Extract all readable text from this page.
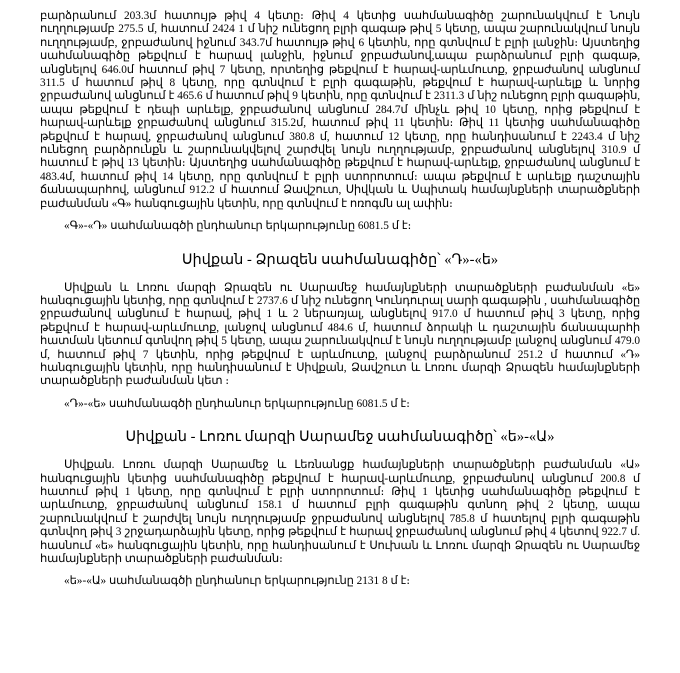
բարձրանում 203.3մ հատույթ թիվ 4 կետը։ Թիվ 4 կետից սահմանագիծը շարունակվում է Նույն ուղղությամբ 275.5 մ, հատում 2424 1 մ նիշ ունեցող բլրի գագաթ թիվ 5 կետը, ապա շարունակվում նույն ուղղությամբ, ջրբաժանով իջնում 343.7մ հատույթ թիվ 6 կետին, որը գտնվում է բլրի լանջին։ Այստեղից սահմանագիծը թեքվում է հարավ լանջին, իջնում ջրբաժանով,ապա բարձրանում բլրի գագաթ, անցնելով 646.0մ հատում թիվ 7 կետը, որտեղից թեքվում է հարավ-արևմուտք, ջրբաժանով անցնում 311.5 մ հատում թիվ 8 կետը, որը գտնվում է բլրի գագաթին, թեքվում է հարավ-արևելք և նորից ջրբաժանով անցնում է 465.6 մ հատում թիվ 9 կետին, որը գտնվում է 2311.3 մ նիշ ունեցող բլրի գագաթին, ապա թեքվում է դեպի արևելք, ջրբաժանով անցնում 284.7մ մինչև թիվ 10 կետը, որից թեքվում է հարավ-արևելք ջրբաժանով անցնում 315.2մ, հատում թիվ 11 կետին։ Թիվ 11 կետից սահմանագիծը թեքվում է հարավ, ջրբաժանով անցնում 380.8 մ, հատում 12 կետը, որը հանդիսանում է 2243.4 մ նիշ ունեցող բարձրունքն և շարունակվելով շարժվել նույն ուղղությամբ, ջրբաժանով անցնելով 310.9 մ հատում է թիվ 13 կետին։ Այստեղից սահմանագիծը թեքվում է հարավ-արևելք, ջրբաժանով անցնում է 483.4մ, հատում թիվ 14 կետը, որը գտնվում է բլրի ստորոտում։ ապա թեքվում է արևելք դաշտային ճանապարհով, անցնում 912.2 մ հատում Ձավշուտ, Սիվկան և Սպիտակ համայնքների տարածքների բաժանման «Գ» հանգուցային կետին, որը գտնվում է ոռոգմն ալ ափին։

«Գ»-«Դ» սահմանագծի ընդհանուր երկարությունը 6081.5 մ է։

Սիվքան - Ձրազեն սահմանագիծը՝ «Դ»-«ե»

Սիվքան և Լոռու մարզի Ձրազեն ու Սարամեջ համայնքների տարածքների բաժանման «ե» հանգուցային կետից, որը գտնվում է 2737.6 մ նիշ ունեցող Կունդուրալ սարի գագաթին , սահմանագիծը ջրբաժանով անցնում է հարավ, թիվ 1 և 2 ներառյալ, անցնելով 917.0 մ հատում թիվ 3 կետը, որից թեքվում է հարավ-արևմուտք, լանջով անցնում 484.6 մ, հատում ձորակի և դաշտային ճանապարհի հատման կետում գտնվող թիվ 5 կետը, ապա շարունակվում է նույն ուղղությամբ լանջով անցնում 479.0 մ, հատում թիվ 7 կետին, որից թեքվում է արևմուտք, լանջով բարձրանում 251.2 մ հատում «Դ» հանգուցային կետին, որը հանդիսանում է Սիվքան, Ձավշուտ և Լոռու մարզի Ձրազեն համայնքների տարածքների բաժանման կետ ։

«Դ»-«ե» սահմանագծի ընդհանուր երկարությունը 6081.5 մ է։

Սիվքան - Լոռու մարզի Սարամեջ սահմանագիծը՝ «ե»-«Ա»

Սիվքան. Լոռու մարզի Սարամեջ և Լեռնանցք համայնքների տարածքների բաժանման «Ա» հանգուցային կետից սահմանագիծը թեքվում է հարավ-արևմուտք, ջրբաժանով անցնում 200.8 մ հատում թիվ 1 կետը, որը գտնվում է բլրի ստորոտում։ Թիվ 1 կետից սահմանագիծը թեքվում է արևմուտք, ջրբաժանով անցնում 158.1 մ հատում բլրի գագաթին գտնող թիվ 2 կետը, ապա շարունակվում է շարժվել նույն ուղղությամբ ջրբաժանով անցնելով 785.8 մ հատելով բլրի գագաթին գտնվող թիվ 3 շրջադարձային կետը, որից թեքվում է հարավ ջրբաժանով անցնում թիվ 4 կետով 922.7 մ. հասնում «ե» հանգուցային կետին, որը հանդիսանում է Սուխան և Լոռու մարզի Ձրազեն ու Սարամեջ համայնքների տարածքների բաժանման։

«ե»-«Ա» սահմանագծի ընդհանուր երկարությունը 2131 8 մ է։
